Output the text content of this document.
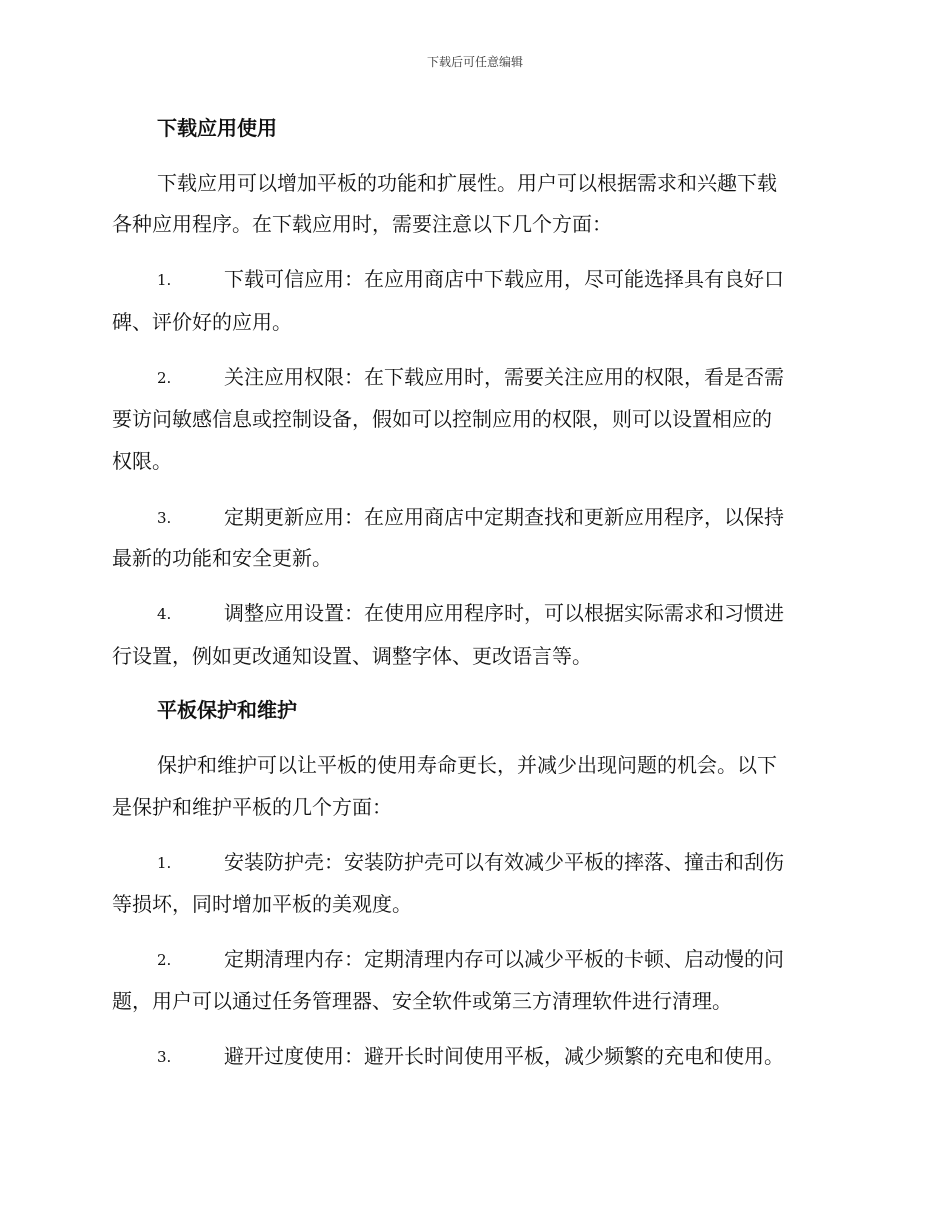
下载后可任意编辑
下载应用使用
下载应用可以增加平板的功能和扩展性。用户可以根据需求和兴趣下载
各种应用程序。在下载应用时，需要注意以下几个方面：
1.	下载可信应用：在应用商店中下载应用，尽可能选择具有良好口
碑、评价好的应用。
2.	关注应用权限：在下载应用时，需要关注应用的权限，看是否需
要访问敏感信息或控制设备，假如可以控制应用的权限，则可以设置相应的
权限。
3.	定期更新应用：在应用商店中定期查找和更新应用程序，以保持
最新的功能和安全更新。
4.	调整应用设置：在使用应用程序时，可以根据实际需求和习惯进
行设置，例如更改通知设置、调整字体、更改语言等。
平板保护和维护
保护和维护可以让平板的使用寿命更长，并减少出现问题的机会。以下
是保护和维护平板的几个方面：
1.	安装防护壳：安装防护壳可以有效减少平板的摔落、撞击和刮伤
等损坏，同时增加平板的美观度。
2.	定期清理内存：定期清理内存可以减少平板的卡顿、启动慢的问
题，用户可以通过任务管理器、安全软件或第三方清理软件进行清理。
3.	避开过度使用：避开长时间使用平板，减少频繁的充电和使用。
